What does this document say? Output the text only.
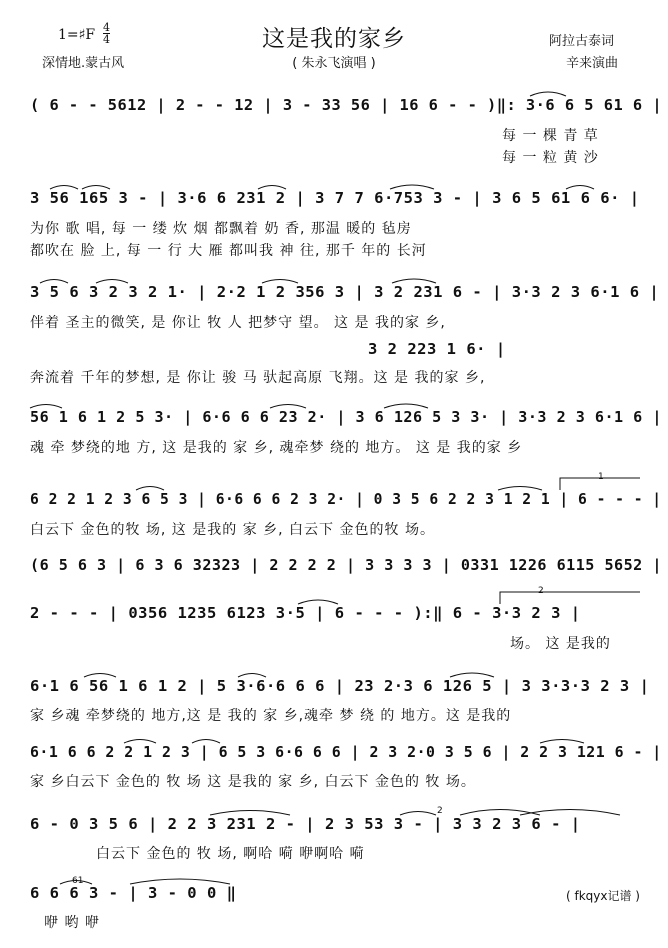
这是我的家乡
1=♯F 4
4
深情地.蒙古风	( 朱永飞演唱 )
阿拉古泰词
辛来演曲
( 6 - - 5612 | 2 - - 12 | 3 - 33 56 | 16 6 - - )‖: 3·6 6 5 61 6 |
每 一 棵 青 草
每 一 粒 黄 沙
3 56 165 3 - | 3·6 6 231 2 | 3 7 7 6·753 3 - | 3 6 5 61 6 6· |
为你 歌 唱, 每 一 缕 炊 烟 都飘着 奶 香, 那温 暖的 毡房
都吹在 脸 上, 每 一 行 大 雁 都叫我 神 往, 那千 年的 长河
3 5 6 3 2 3 2 1· | 2·2 1 2 356 3 | 3 2 231 6 - | 3·3 2 3 6·1 6 |
伴着 圣主的微笑, 是 你让 牧 人 把梦守 望。 这 是 我的家 乡,
3 2 223 1 6· |
奔流着 千年的梦想, 是 你让 骏 马 驮起高原 飞翔。这 是 我的家 乡,
56 1 6 1 2 5 3· | 6·6 6 6 23 2· | 3 6 126 5 3 3· | 3·3 2 3 6·1 6 |
魂 牵 梦绕的地 方, 这 是我的 家 乡, 魂牵梦 绕的 地方。 这 是 我的家 乡
1
6 2 2 1 2 3 6 5 3 | 6·6 6 6 2 3 2· | 0 3 5 6 2 2 3 1 2 1 | 6 - - - |
白云下 金色的牧 场, 这 是我的 家 乡, 白云下 金色的牧 场。
(6 5 6 3 | 6 3 6 32323 | 2 2 2 2 | 3 3 3 3 | 0331 1226 6115 5652 |
2
2 - - - | 0356 1235 6123 3·5 | 6 - - - ):‖ 6 - 3·3 2 3 |
场。 这 是我的
6·1 6 56 1 6 1 2 | 5 3·6·6 6 6 | 23 2·3 6 126 5 | 3 3·3·3 2 3 |
家 乡魂 牵梦绕的 地方,这 是 我的 家 乡,魂牵 梦 绕 的 地方。这 是我的
6·1 6 6 2 2 1 2 3 | 6 5 3 6·6 6 6 | 2 3 2·0 3 5 6 | 2 2 3 121 6 - |
家 乡白云下 金色的 牧 场 这 是我的 家 乡, 白云下 金色的 牧 场。
2
6 - 0 3 5 6 | 2 2 3 231 2 - | 2 3 53 3 - | 3 3 2 3 6 - |
白云下 金色的 牧 场, 啊哈 嗬 咿啊哈 嗬
61
6 6 6 3 - | 3 - 0 0 ‖
咿 哟 咿
( fkqyx记谱 )
